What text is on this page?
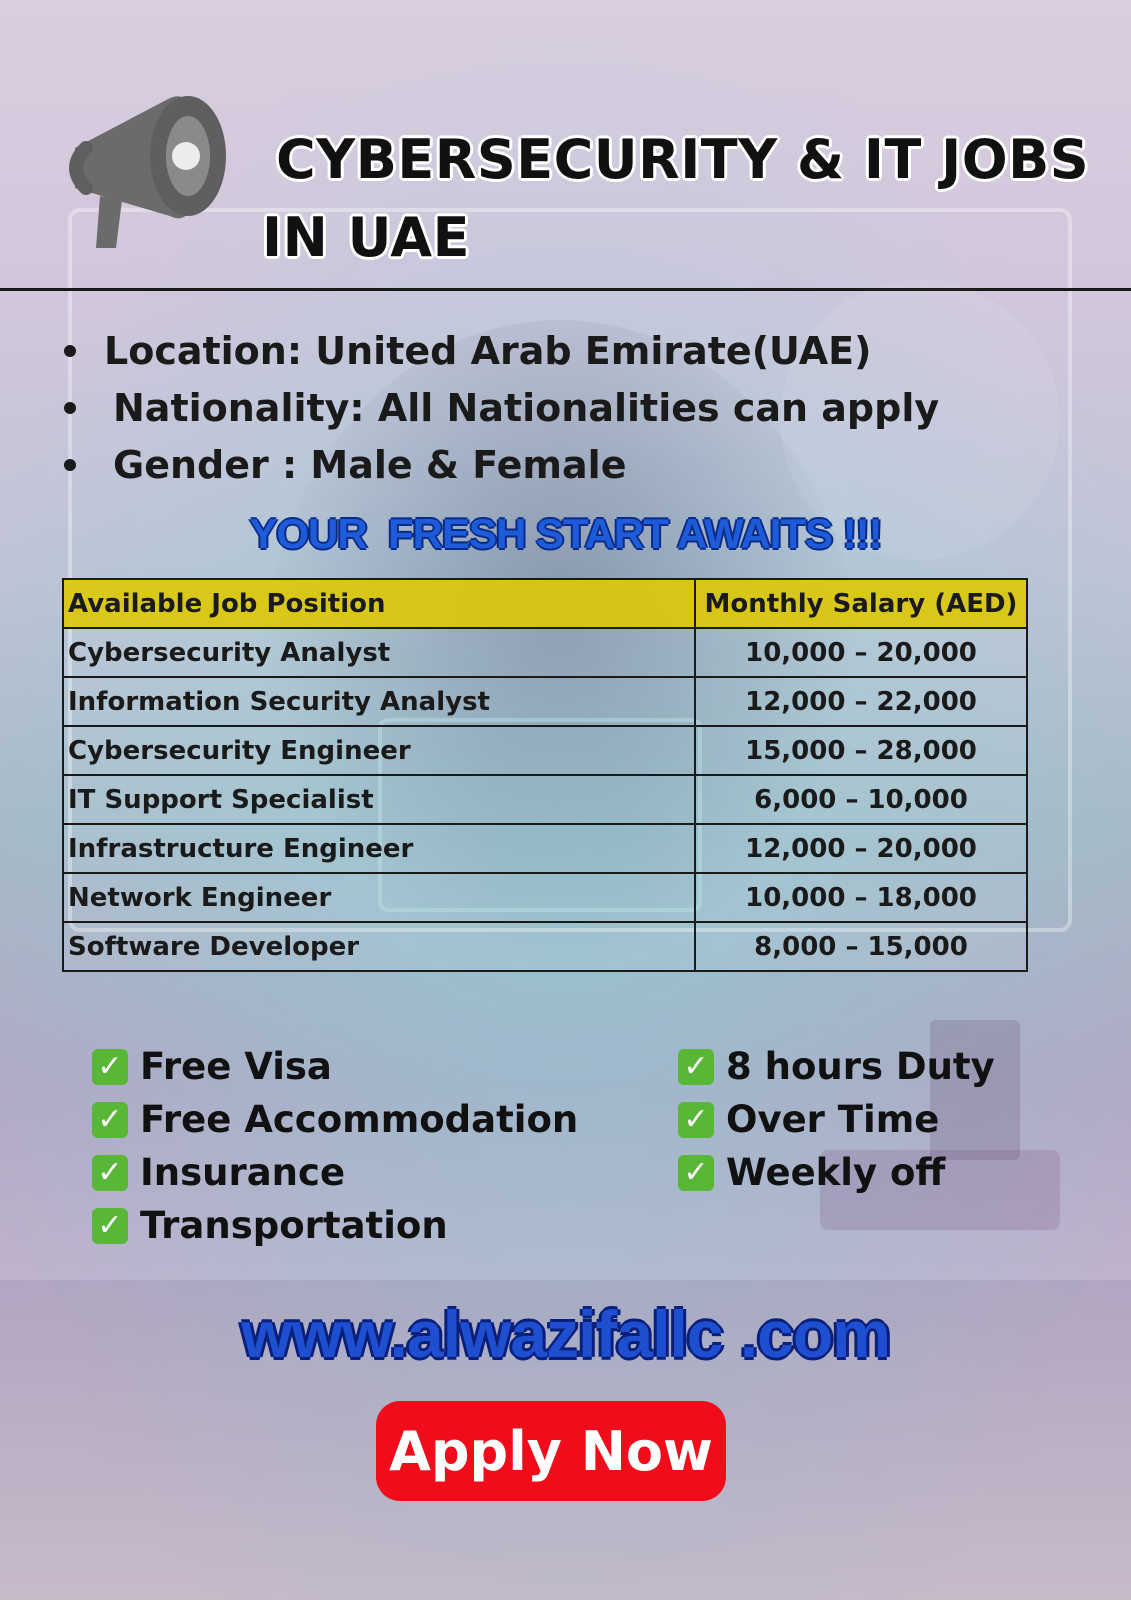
CYBERSECURITY & IT JOBS
IN UAE
Location: United Arab Emirate(UAE)
Nationality: All Nationalities can apply
Gender : Male & Female
YOUR  FRESH START AWAITS !!!
Available Job Position	Monthly Salary (AED)
Cybersecurity Analyst	10,000 – 20,000
Information Security Analyst	12,000 – 22,000
Cybersecurity Engineer	15,000 – 28,000
IT Support Specialist	6,000 – 10,000
Infrastructure Engineer	12,000 – 20,000
Network Engineer	10,000 – 18,000
Software Developer	8,000 – 15,000
✓ Free Visa
✓ Free Accommodation
✓ Insurance
✓ Transportation
✓ 8 hours Duty
✓ Over Time
✓ Weekly off
www.alwazifallc .com
Apply Now
